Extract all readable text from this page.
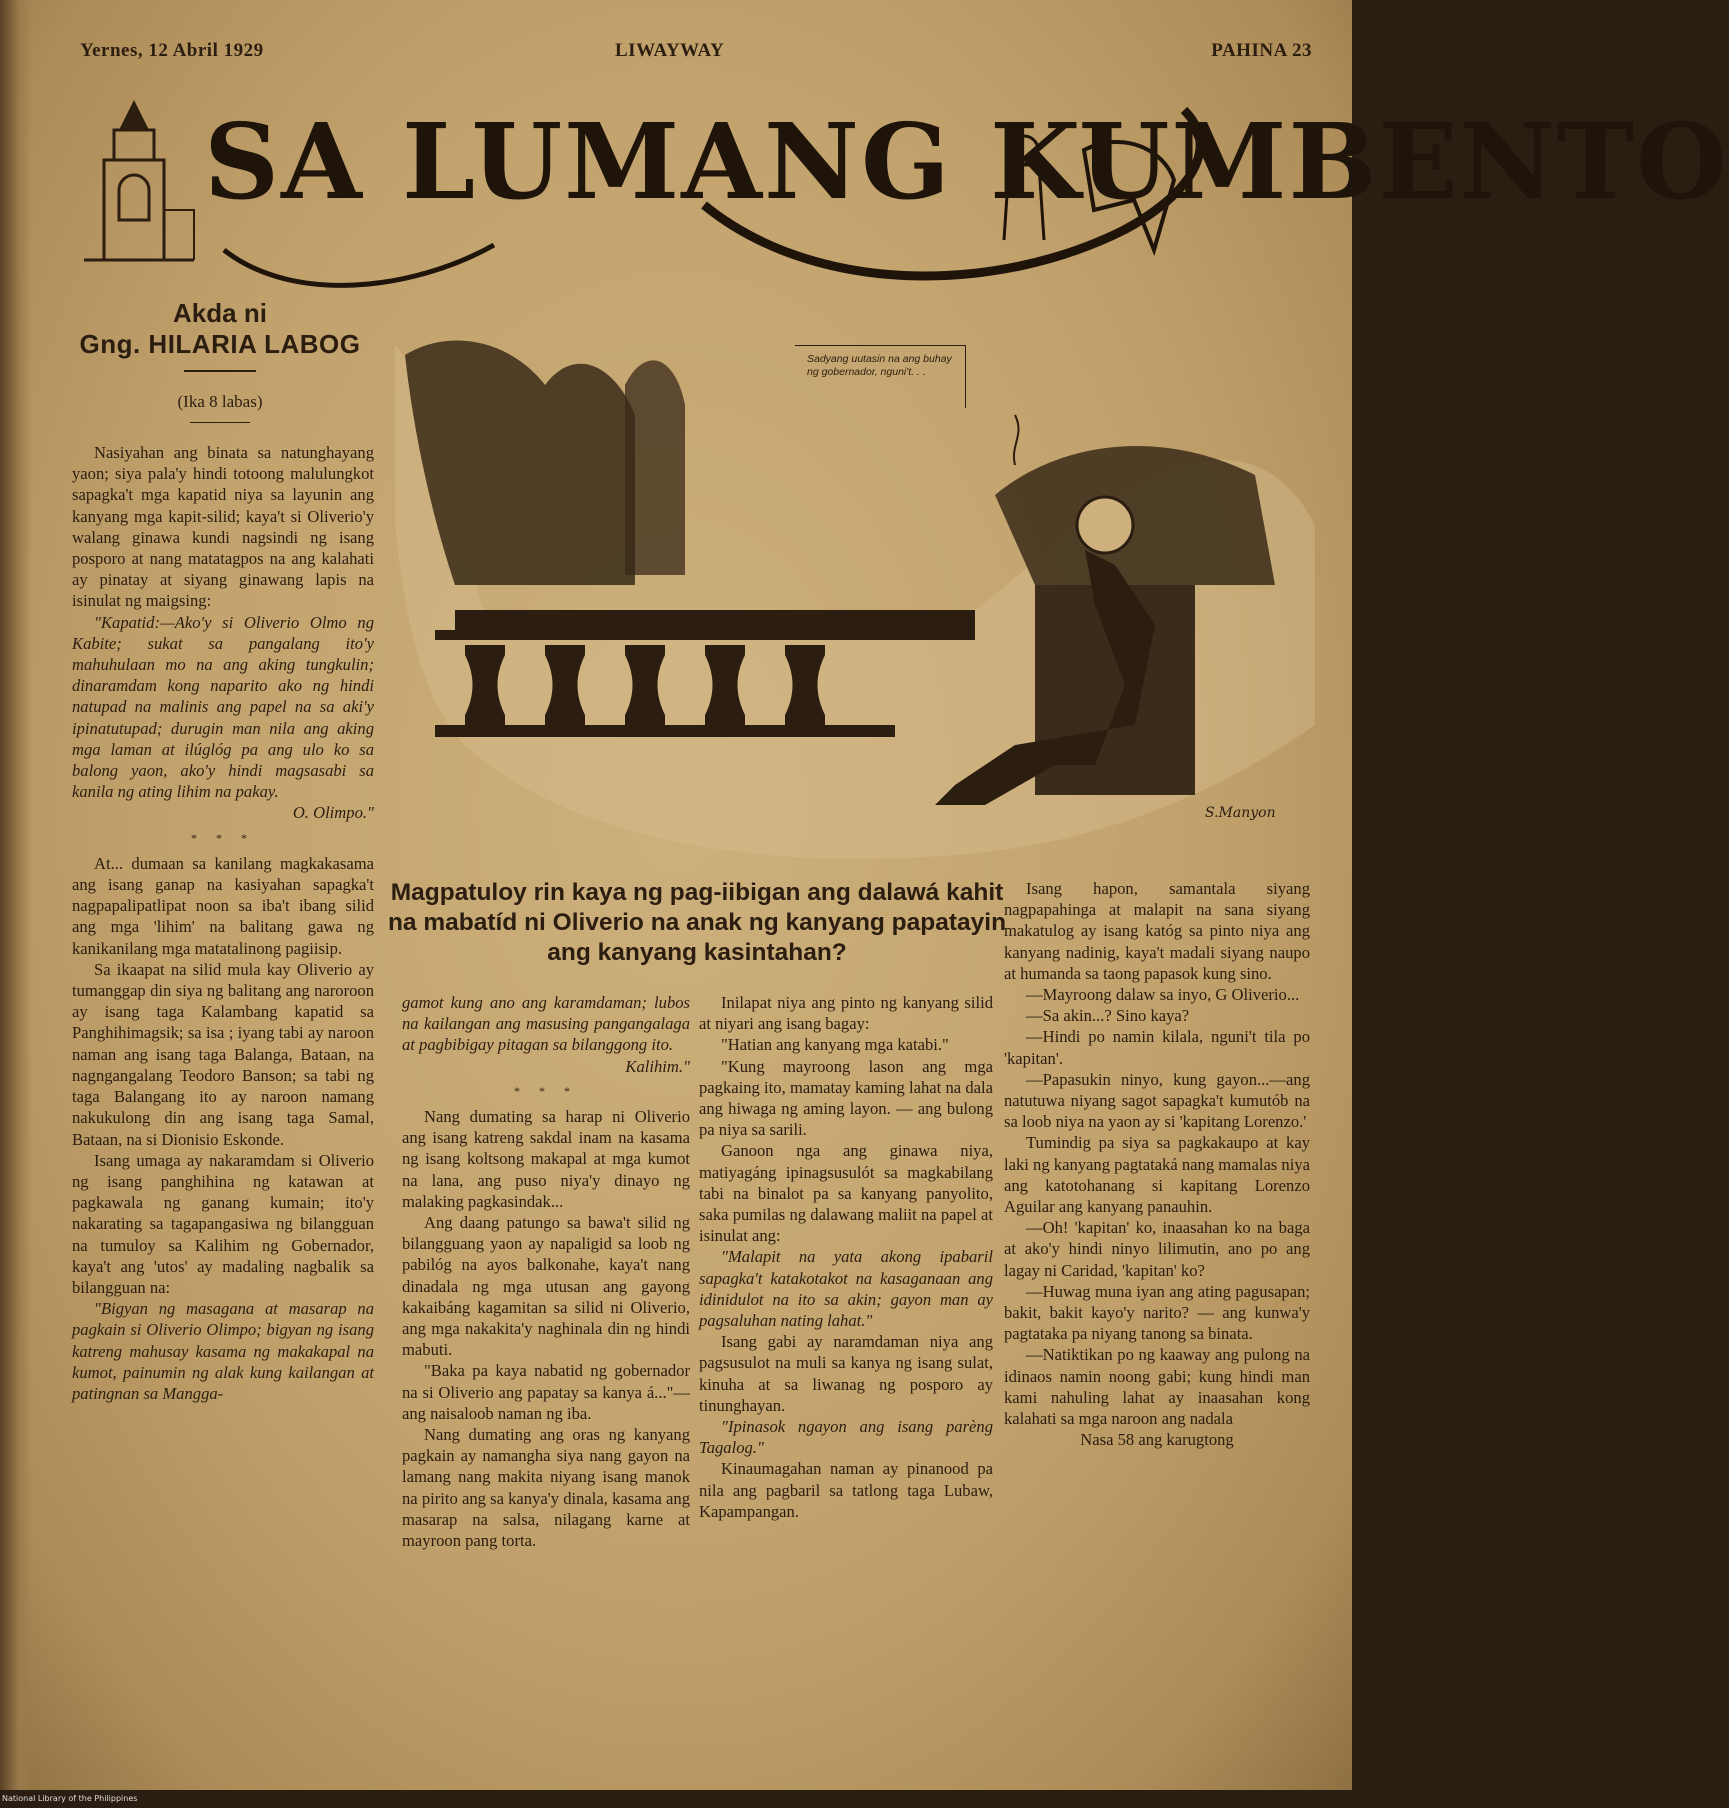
Yernes, 12 Abril 1929	LIWAYWAY	PAHINA 23
SA LUMANG KUMBENTO
Akda ni
Gng. HILARIA LABOG
(Ika 8 labas)
S.Manyon
Sadyang uutasin na ang buhay ng gobernador, nguni't. . .
Magpatuloy rin kaya ng pag-iibigan ang dalawá kahit na mabatíd ni Oliverio na anak ng kanyang papatayin ang kanyang kasintahan?

Nasiyahan ang binata sa natunghayang yaon; siya pala'y hindi totoong malulungkot sapagka't mga kapatid niya sa layunin ang kanyang mga kapit-silid; kaya't si Oliverio'y walang ginawa kundi nagsindi ng isang posporo at nang matatagpos na ang kalahati ay pinatay at siyang ginawang lapis na isinulat ng maigsing:

"Kapatid:—Ako'y si Oliverio Olmo ng Kabite; sukat sa pangalang ito'y mahuhulaan mo na ang aking tungkulin; dinaramdam kong naparito ako ng hindi natupad na malinis ang papel na sa aki'y ipinatutupad; durugin man nila ang aking mga laman at ilúglóg pa ang ulo ko sa balong yaon, ako'y hindi magsasabi sa kanila ng ating lihim na pakay.

O. Olimpo."

* * *

At... dumaan sa kanilang magkakasama ang isang ganap na kasiyahan sapagka't nagpapalipatlipat noon sa iba't ibang silid ang mga 'lihim' na balitang gawa ng kanikanilang mga matatalinong pagiisip.

Sa ikaapat na silid mula kay Oliverio ay tumanggap din siya ng balitang ang naroroon ay isang taga Kalambang kapatid sa Panghihimagsik; sa isa ; iyang tabi ay naroon naman ang isang taga Balanga, Bataan, na nagngangalang Teodoro Banson; sa tabi ng taga Balangang ito ay naroon namang nakukulong din ang isang taga Samal, Bataan, na si Dionisio Eskonde.

Isang umaga ay nakaramdam si Oliverio ng isang panghihina ng katawan at pagkawala ng ganang kumain; ito'y nakarating sa tagapangasiwa ng bilangguan na tumuloy sa Kalihim ng Gobernador, kaya't ang 'utos' ay madaling nagbalik sa bilangguan na:

"Bigyan ng masagana at masarap na pagkain si Oliverio Olimpo; bigyan ng isang katreng mahusay kasama ng makakapal na kumot, painumin ng alak kung kailangan at patingnan sa Mangga-

gamot kung ano ang karamdaman; lubos na kailangan ang masusing pangangalaga at pagbibigay pitagan sa bilanggong ito.

Kalihim."

* * *

Nang dumating sa harap ni Oliverio ang isang katreng sakdal inam na kasama ng isang koltsong makapal at mga kumot na lana, ang puso niya'y dinayo ng malaking pagkasindak...

Ang daang patungo sa bawa't silid ng bilangguang yaon ay napaligid sa loob ng pabilóg na ayos balkonahe, kaya't nang dinadala ng mga utusan ang gayong kakaibáng kagamitan sa silid ni Oliverio, ang mga nakakita'y naghinala din ng hindi mabuti.

"Baka pa kaya nabatid ng gobernador na si Oliverio ang papatay sa kanya á..."—ang naisaloob naman ng iba.

Nang dumating ang oras ng kanyang pagkain ay namangha siya nang gayon na lamang nang makita niyang isang manok na pirito ang sa kanya'y dinala, kasama ang masarap na salsa, nilagang karne at mayroon pang torta.

Inilapat niya ang pinto ng kanyang silid at niyari ang isang bagay:

"Hatian ang kanyang mga katabi."

"Kung mayroong lason ang mga pagkaing ito, mamatay kaming lahat na dala ang hiwaga ng aming layon. — ang bulong pa niya sa sarili.

Ganoon nga ang ginawa niya, matiyagáng ipinagsusulót sa magkabilang tabi na binalot pa sa kanyang panyolito, saka pumilas ng dalawang maliit na papel at isinulat ang:

"Malapit na yata akong ipabaril sapagka't katakotakot na kasaganaan ang idinidulot na ito sa akin; gayon man ay pagsaluhan nating lahat."

Isang gabi ay naramdaman niya ang pagsusulot na muli sa kanya ng isang sulat, kinuha at sa liwanag ng posporo ay tinunghayan.

"Ipinasok ngayon ang isang parèng Tagalog."

Kinaumagahan naman ay pinanood pa nila ang pagbaril sa tatlong taga Lubaw, Kapampangan.

Isang hapon, samantala siyang nagpapahinga at malapit na sana siyang makatulog ay isang katóg sa pinto niya ang kanyang nadinig, kaya't madali siyang naupo at humanda sa taong papasok kung sino.

—Mayroong dalaw sa inyo, G Oliverio...

—Sa akin...? Sino kaya?

—Hindi po namin kilala, nguni't tila po 'kapitan'.

—Papasukin ninyo, kung gayon...—ang natutuwa niyang sagot sapagka't kumutób na sa loob niya na yaon ay si 'kapitang Lorenzo.'

Tumindig pa siya sa pagkakaupo at kay laki ng kanyang pagtataká nang mamalas niya ang katotohanang si kapitang Lorenzo Aguilar ang kanyang panauhin.

—Oh! 'kapitan' ko, inaasahan ko na baga at ako'y hindi ninyo lilimutin, ano po ang lagay ni Caridad, 'kapitan' ko?

—Huwag muna iyan ang ating pagusapan; bakit, bakit kayo'y narito? — ang kunwa'y pagtataka pa niyang tanong sa binata.

—Natiktikan po ng kaaway ang pulong na idinaos namin noong gabi; kung hindi man kami nahuling lahat ay inaasahan kong kalahati sa mga naroon ang nadala

Nasa 58 ang karugtong

National Library of the Philippines
